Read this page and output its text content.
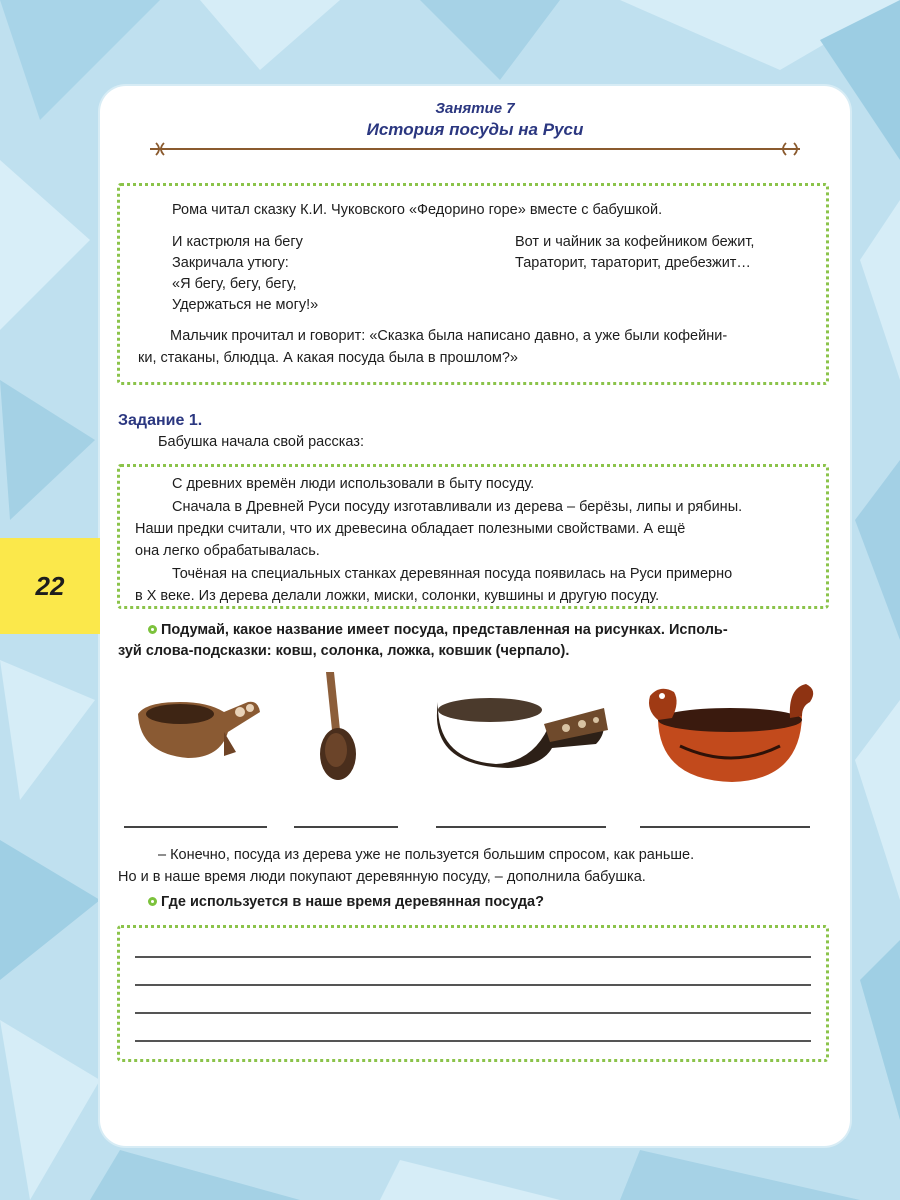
22
Занятие 7
История посуды на Руси
Рома читал сказку К.И. Чуковского «Федорино горе» вместе с бабушкой.
И кастрюля на бегу
Закричала утюгу:
«Я бегу, бегу, бегу,
Удержаться не могу!»
Вот и чайник за кофейником бежит,
Тараторит, тараторит, дребезжит…
Мальчик прочитал и говорит: «Сказка была написано давно, а уже были кофейни-
ки, стаканы, блюдца. А какая посуда была в прошлом?»
Задание 1.
Бабушка начала свой рассказ:
С древних времён люди использовали в быту посуду.
Сначала в Древней Руси посуду изготавливали из дерева – берёзы, липы и рябины.
Наши предки считали, что их древесина обладает полезными свойствами. А ещё
она легко обрабатывалась.
Точёная на специальных станках деревянная посуда появилась на Руси примерно
в X веке. Из дерева делали ложки, миски, солонки, кувшины и другую посуду.
Подумай, какое название имеет посуда, представленная на рисунках. Исполь-
зуй слова-подсказки: ковш, солонка, ложка, ковшик (черпало).
– Конечно, посуда из дерева уже не пользуется большим спросом, как раньше.
Но и в наше время люди покупают деревянную посуду, – дополнила бабушка.
Где используется в наше время деревянная посуда?
